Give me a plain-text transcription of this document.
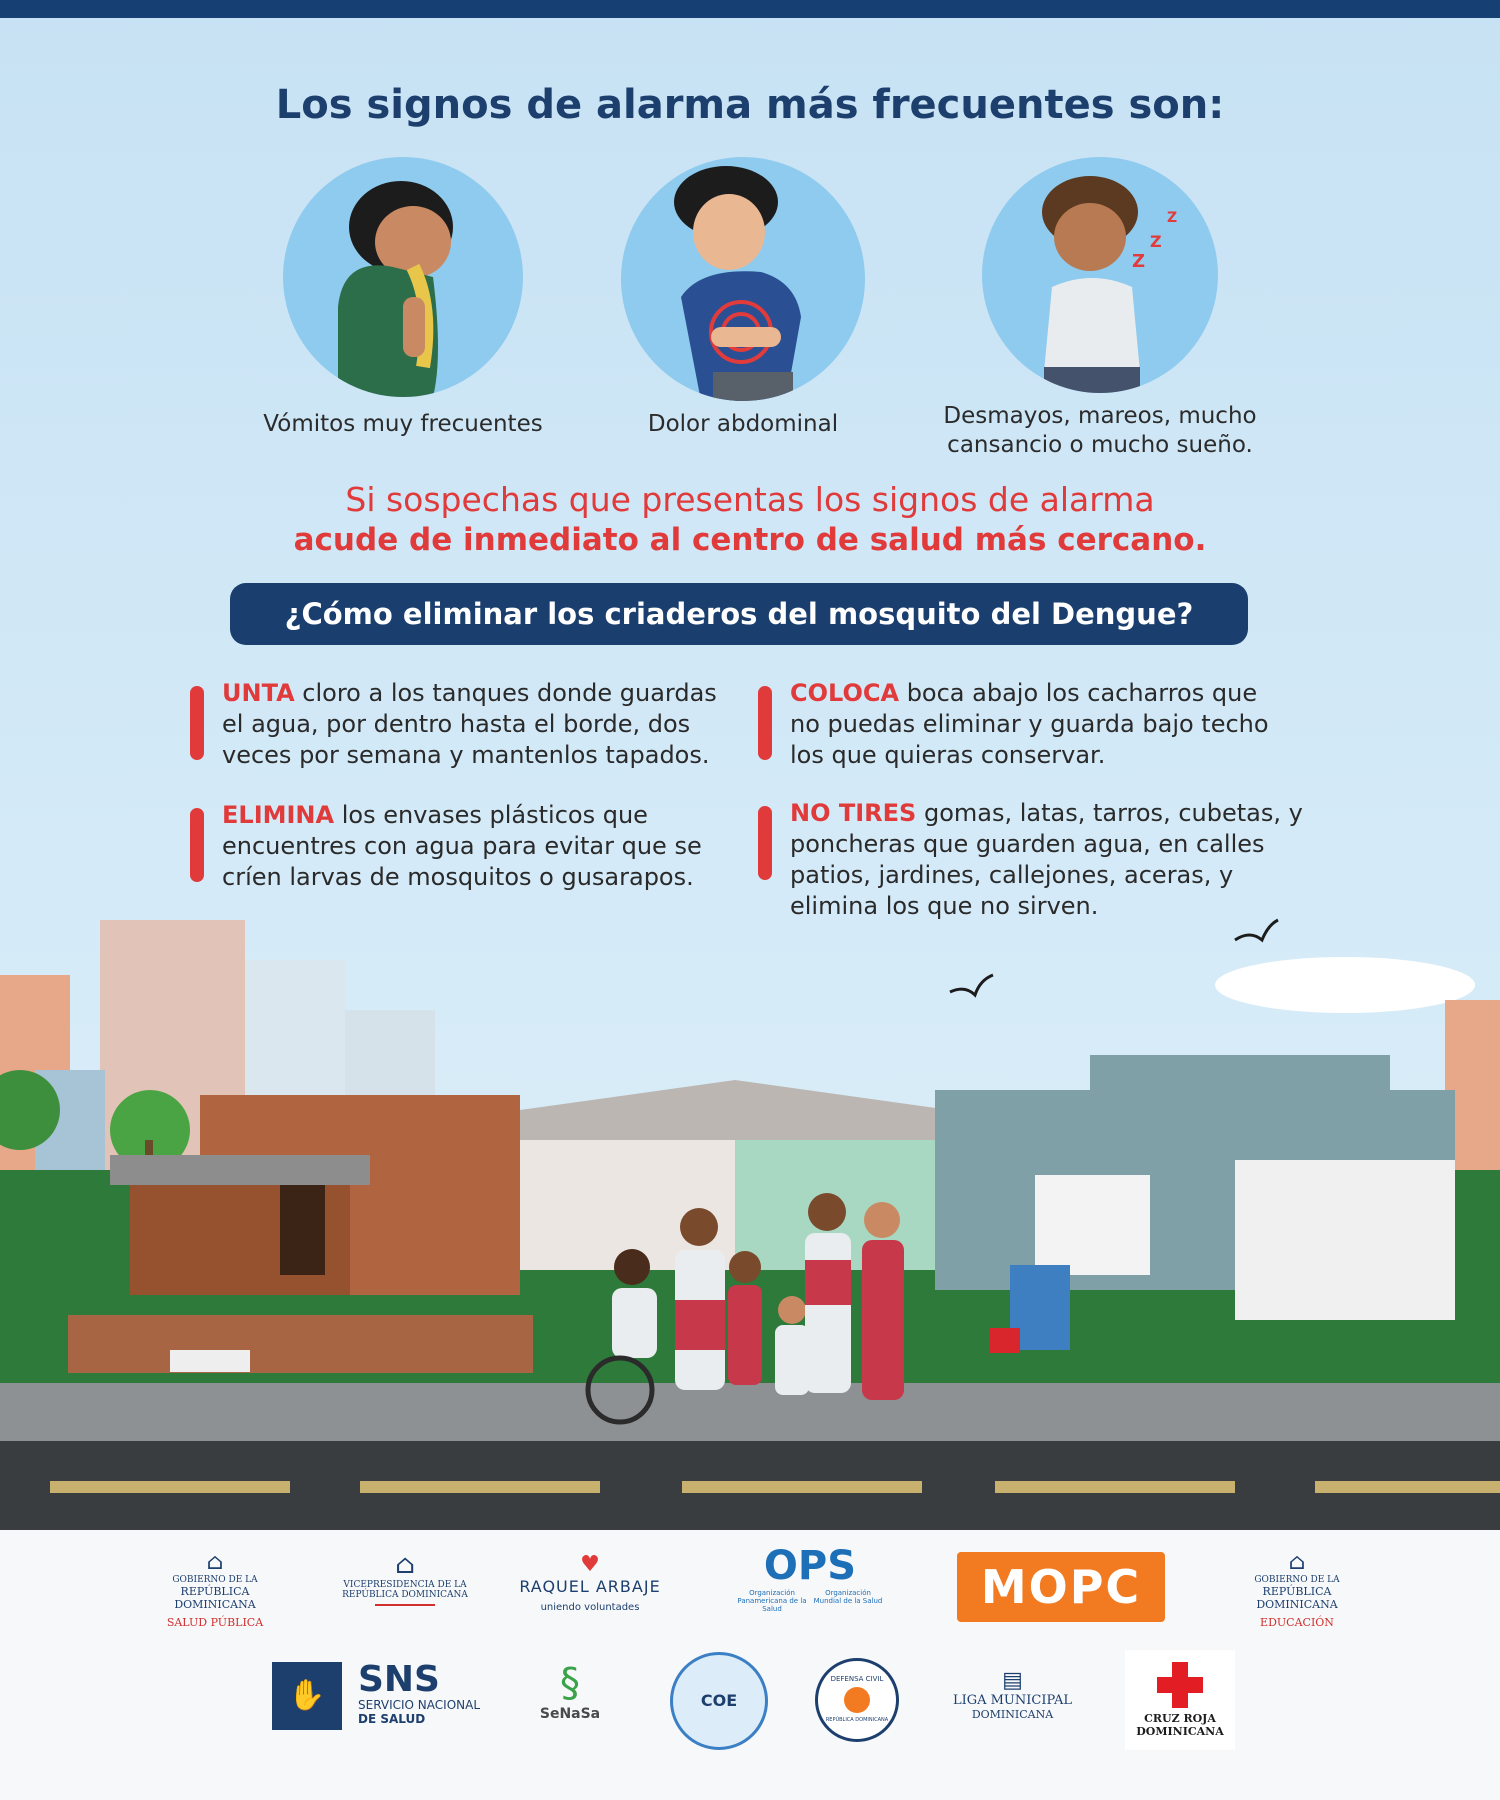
Los signos de alarma más frecuentes son:
Vómitos muy frecuentes	Dolor abdominal
Z
Z
Z
Desmayos, mareos, mucho cansancio o mucho sueño.
Si sospechas que presentas los signos de alarma
acude de inmediato al centro de salud más cercano.
¿Cómo eliminar los criaderos del mosquito del Dengue?
UNTA cloro a los tanques donde guardas el agua, por dentro hasta el borde, dos veces por semana y mantenlos tapados.
COLOCA boca abajo los cacharros que no puedas eliminar y guarda bajo techo los que quieras conservar.
ELIMINA los envases plásticos que encuentres con agua para evitar que se críen larvas de mosquitos o gusarapos.
NO TIRES gomas, latas, tarros, cubetas, y poncheras que guarden agua, en calles patios, jardines, callejones, aceras, y elimina los que no sirven.
⌂
GOBIERNO DE LA
REPÚBLICA DOMINICANA
SALUD PÚBLICA
⌂
VICEPRESIDENCIA DE LA
REPÚBLICA DOMINICANA
♥
RAQUEL ARBAJE
uniendo voluntades
OPS
Organización Panamericana de la Salud
Organización Mundial de la Salud	MOPC	⌂
GOBIERNO DE LA
REPÚBLICA DOMINICANA
EDUCACIÓN
✋ SNS
SERVICIO NACIONAL
DE SALUD
§
SeNaSa
COE
DEFENSA CIVIL
REPÚBLICA DOMINICANA
▤
LIGA MUNICIPAL
DOMINICANA	CRUZ ROJA
DOMINICANA
